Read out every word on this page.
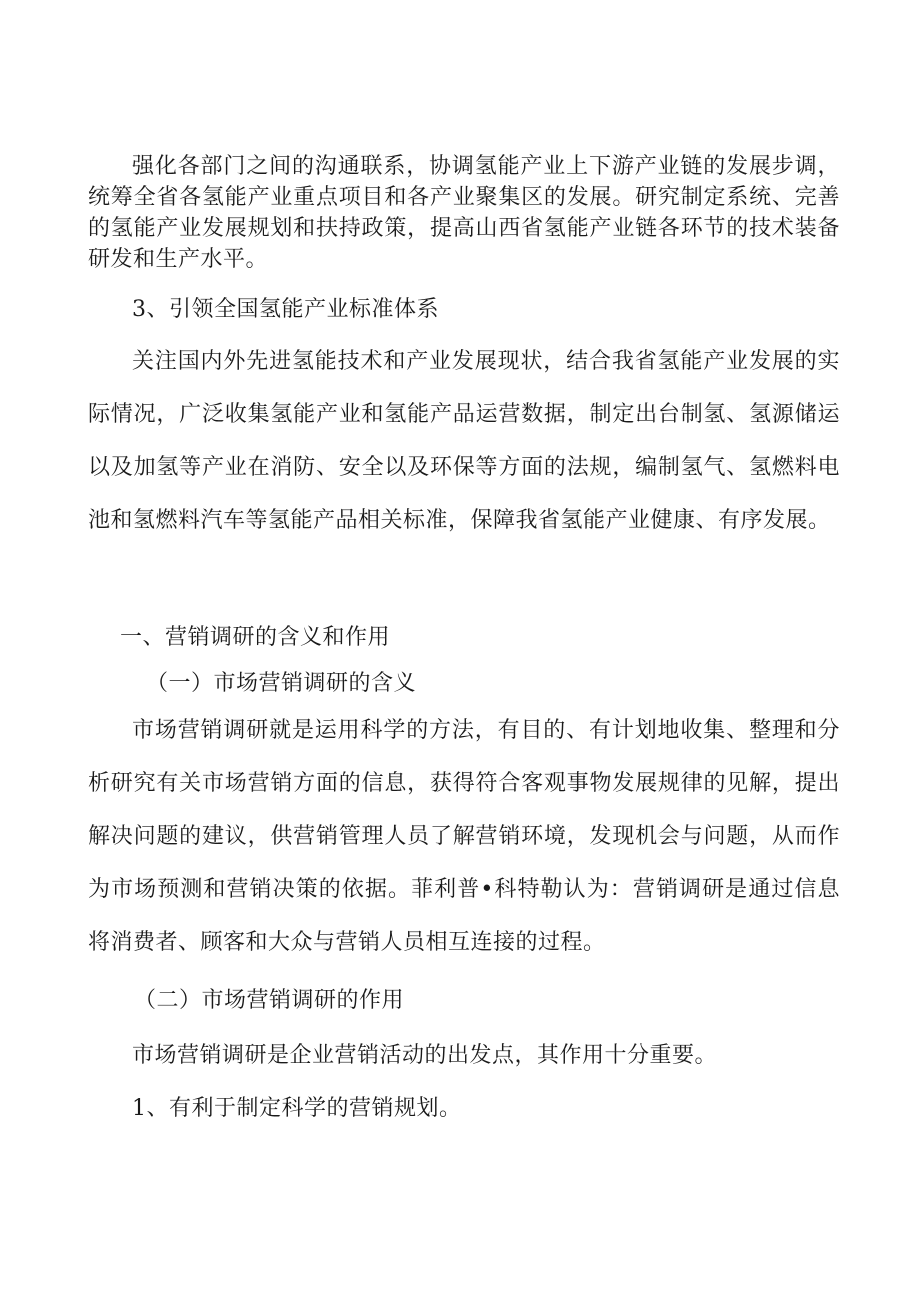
强化各部门之间的沟通联系，协调氢能产业上下游产业链的发展步调，统筹全省各氢能产业重点项目和各产业聚集区的发展。研究制定系统、完善的氢能产业发展规划和扶持政策，提高山西省氢能产业链各环节的技术装备研发和生产水平。

3、引领全国氢能产业标准体系

关注国内外先进氢能技术和产业发展现状，结合我省氢能产业发展的实际情况，广泛收集氢能产业和氢能产品运营数据，制定出台制氢、氢源储运以及加氢等产业在消防、安全以及环保等方面的法规，编制氢气、氢燃料电池和氢燃料汽车等氢能产品相关标准，保障我省氢能产业健康、有序发展。

一、营销调研的含义和作用

（一）市场营销调研的含义

市场营销调研就是运用科学的方法，有目的、有计划地收集、整理和分析研究有关市场营销方面的信息，获得符合客观事物发展规律的见解，提出解决问题的建议，供营销管理人员了解营销环境，发现机会与问题，从而作为市场预测和营销决策的依据。菲利普•科特勒认为：营销调研是通过信息将消费者、顾客和大众与营销人员相互连接的过程。

（二）市场营销调研的作用

市场营销调研是企业营销活动的出发点，其作用十分重要。

1、有利于制定科学的营销规划。
